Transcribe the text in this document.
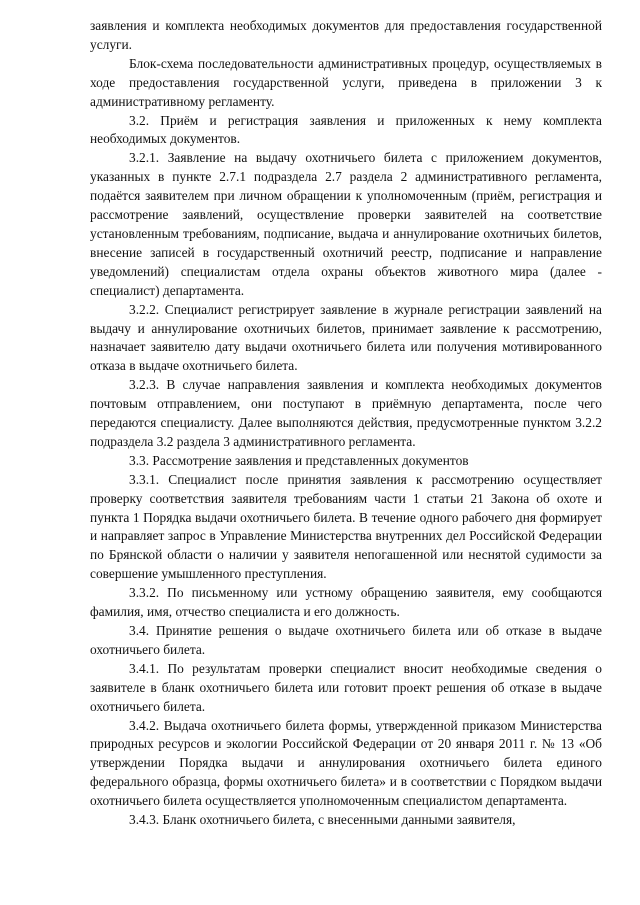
заявления и комплекта необходимых документов для предоставления государственной услуги.

Блок-схема последовательности административных процедур, осуществляемых в ходе предоставления государственной услуги, приведена в приложении 3 к административному регламенту.

3.2. Приём и регистрация заявления и приложенных к нему комплекта необходимых документов.

3.2.1. Заявление на выдачу охотничьего билета с приложением документов, указанных в пункте 2.7.1 подраздела 2.7 раздела 2 административного регламента, подаётся заявителем при личном обращении к уполномоченным (приём, регистрация и рассмотрение заявлений, осуществление проверки заявителей на соответствие установленным требованиям, подписание, выдача и аннулирование охотничьих билетов, внесение записей в государственный охотничий реестр, подписание и направление уведомлений) специалистам отдела охраны объектов животного мира (далее - специалист) департамента.

3.2.2. Специалист регистрирует заявление в журнале регистрации заявлений на выдачу и аннулирование охотничьих билетов, принимает заявление к рассмотрению, назначает заявителю дату выдачи охотничьего билета или получения мотивированного отказа в выдаче охотничьего билета.

3.2.3. В случае направления заявления и комплекта необходимых документов почтовым отправлением, они поступают в приёмную департамента, после чего передаются специалисту. Далее выполняются действия, предусмотренные пунктом 3.2.2 подраздела 3.2 раздела 3 административного регламента.

3.3. Рассмотрение заявления и представленных документов

3.3.1. Специалист после принятия заявления к рассмотрению осуществляет проверку соответствия заявителя требованиям части 1 статьи 21 Закона об охоте и пункта 1 Порядка выдачи охотничьего билета. В течение одного рабочего дня формирует и направляет запрос в Управление Министерства внутренних дел Российской Федерации по Брянской области о наличии у заявителя непогашенной или неснятой судимости за совершение умышленного преступления.

3.3.2. По письменному или устному обращению заявителя, ему сообщаются фамилия, имя, отчество специалиста и его должность.

3.4. Принятие решения о выдаче охотничьего билета или об отказе в выдаче охотничьего билета.

3.4.1. По результатам проверки специалист вносит необходимые сведения о заявителе в бланк охотничьего билета или готовит проект решения об отказе в выдаче охотничьего билета.

3.4.2. Выдача охотничьего билета формы, утвержденной приказом Министерства природных ресурсов и экологии Российской Федерации от 20 января 2011 г. № 13 «Об утверждении Порядка выдачи и аннулирования охотничьего билета единого федерального образца, формы охотничьего билета» и в соответствии с Порядком выдачи охотничьего билета осуществляется уполномоченным специалистом департамента.

3.4.3. Бланк охотничьего билета, с внесенными данными заявителя,
